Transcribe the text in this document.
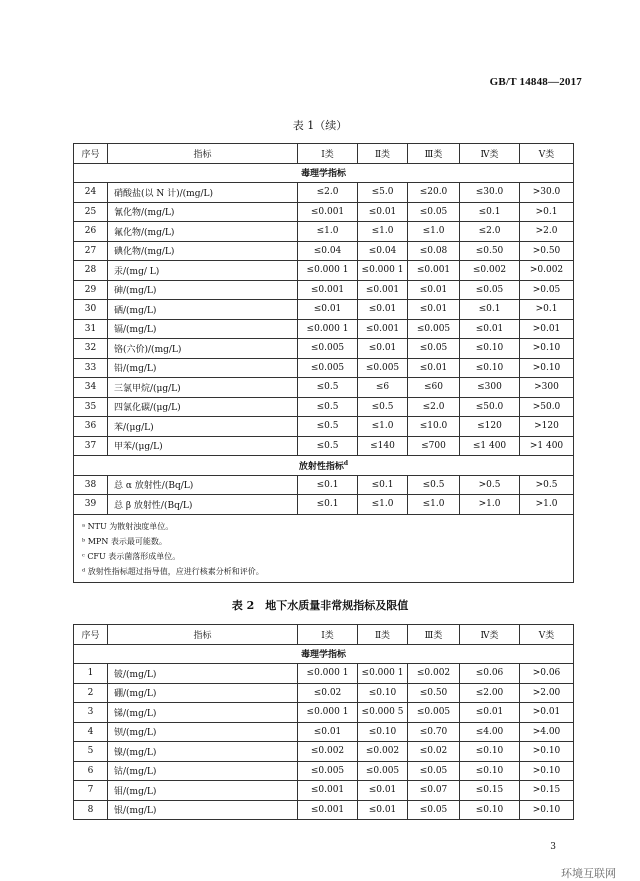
GB/T 14848—2017
表 1（续）
序号	指标	Ⅰ类	Ⅱ类	Ⅲ类	Ⅳ类	Ⅴ类
毒理学指标						
24	硝酸盐(以 N 计)/(mg/L)	≤2.0	≤5.0	≤20.0	≤30.0	>30.0
25	氰化物/(mg/L)	≤0.001	≤0.01	≤0.05	≤0.1	>0.1
26	氟化物/(mg/L)	≤1.0	≤1.0	≤1.0	≤2.0	>2.0
27	碘化物/(mg/L)	≤0.04	≤0.04	≤0.08	≤0.50	>0.50
28	汞/(mg/ L)	≤0.000 1	≤0.000 1	≤0.001	≤0.002	>0.002
29	砷/(mg/L)	≤0.001	≤0.001	≤0.01	≤0.05	>0.05
30	硒/(mg/L)	≤0.01	≤0.01	≤0.01	≤0.1	>0.1
31	镉/(mg/L)	≤0.000 1	≤0.001	≤0.005	≤0.01	>0.01
32	铬(六价)/(mg/L)	≤0.005	≤0.01	≤0.05	≤0.10	>0.10
33	铅/(mg/L)	≤0.005	≤0.005	≤0.01	≤0.10	>0.10
34	三氯甲烷/(μg/L)	≤0.5	≤6	≤60	≤300	>300
35	四氯化碳/(μg/L)	≤0.5	≤0.5	≤2.0	≤50.0	>50.0
36	苯/(μg/L)	≤0.5	≤1.0	≤10.0	≤120	>120
37	甲苯/(μg/L)	≤0.5	≤140	≤700	≤1 400	>1 400
放射性指标$^d$
38	总 α 放射性/(Bq/L)	≤0.1	≤0.1	≤0.5	>0.5	>0.5
39	总 β 放射性/(Bq/L)	≤0.1	≤1.0	≤1.0	>1.0	>1.0

ᵃ NTU 为散射浊度单位。
ᵇ MPN 表示最可能数。
ᶜ CFU 表示菌落形成单位。
ᵈ 放射性指标超过指导值，应进行核素分析和评价。						
表 2　地下水质量非常规指标及限值
序号	指标	Ⅰ类	Ⅱ类	Ⅲ类	Ⅳ类	Ⅴ类
毒理学指标						
1	铍/(mg/L)	≤0.000 1	≤0.000 1	≤0.002	≤0.06	>0.06
2	硼/(mg/L)	≤0.02	≤0.10	≤0.50	≤2.00	>2.00
3	锑/(mg/L)	≤0.000 1	≤0.000 5	≤0.005	≤0.01	>0.01
4	钡/(mg/L)	≤0.01	≤0.10	≤0.70	≤4.00	>4.00
5	镍/(mg/L)	≤0.002	≤0.002	≤0.02	≤0.10	>0.10
6	钴/(mg/L)	≤0.005	≤0.005	≤0.05	≤0.10	>0.10
7	钼/(mg/L)	≤0.001	≤0.01	≤0.07	≤0.15	>0.15
8	银/(mg/L)	≤0.001	≤0.01	≤0.05	≤0.10	>0.10
3
环境互联网
